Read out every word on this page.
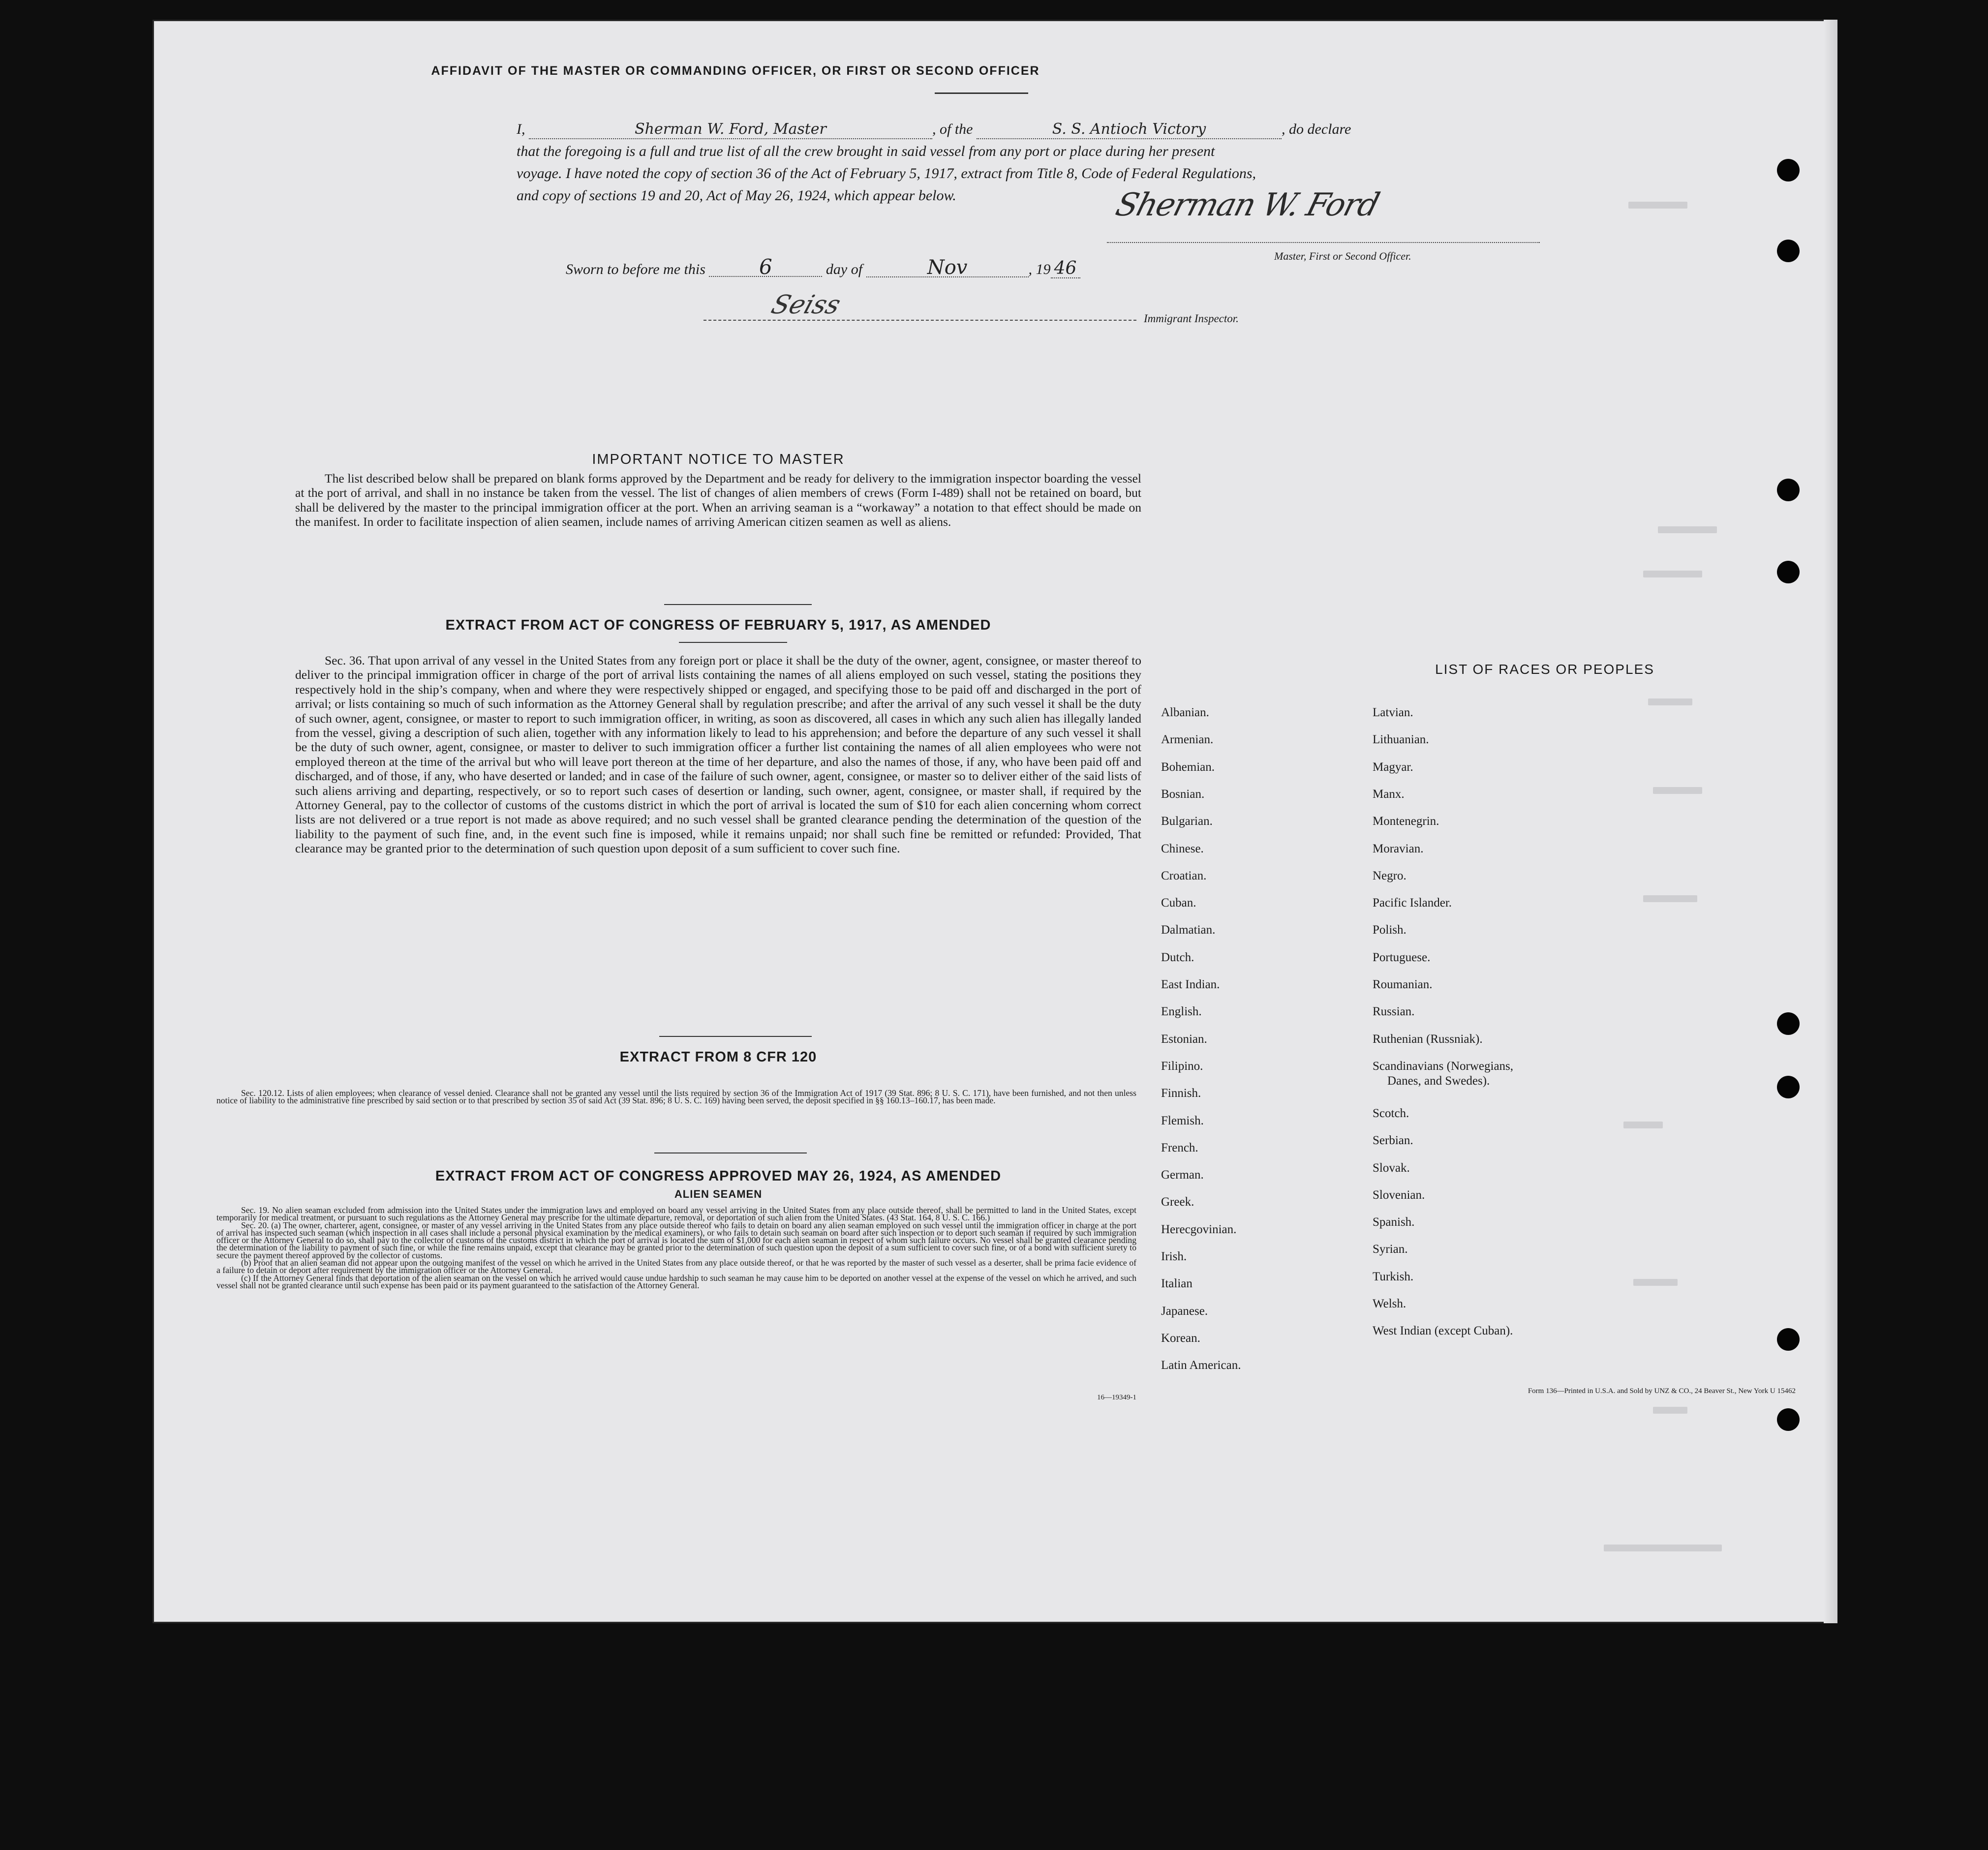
AFFIDAVIT OF THE MASTER OR COMMANDING OFFICER, OR FIRST OR SECOND OFFICER

I,	Sherman W. Ford, Master	, of the	S. S. Antioch Victory	, do declare

that the foregoing is a full and true list of all the crew brought in said vessel from any port or place during her present

voyage. I have noted the copy of section 36 of the Act of February 5, 1917, extract from Title 8, Code of Federal Regulations,

and copy of sections 19 and 20, Act of May 26, 1924, which appear below.	Sherman W. Ford
Master, First or Second Officer.
Sworn to before me this	6	day of	Nov	, 19 46
Seiss	Immigrant Inspector.
IMPORTANT NOTICE TO MASTER

The list described below shall be prepared on blank forms approved by the Department and be ready for delivery to the immigration inspector boarding the vessel at the port of arrival, and shall in no instance be taken from the vessel. The list of changes of alien members of crews (Form I-489) shall not be retained on board, but shall be delivered by the master to the principal immigration officer at the port. When an arriving seaman is a “workaway” a notation to that effect should be made on the manifest. In order to facilitate inspection of alien seamen, include names of arriving American citizen seamen as well as aliens.

EXTRACT FROM ACT OF CONGRESS OF FEBRUARY 5, 1917, AS AMENDED

Sec. 36. That upon arrival of any vessel in the United States from any foreign port or place it shall be the duty of the owner, agent, consignee, or master thereof to deliver to the principal immigration officer in charge of the port of arrival lists containing the names of all aliens employed on such vessel, stating the positions they respectively hold in the ship’s company, when and where they were respectively shipped or engaged, and specifying those to be paid off and discharged in the port of arrival; or lists containing so much of such information as the Attorney General shall by regulation prescribe; and after the arrival of any such vessel it shall be the duty of such owner, agent, consignee, or master to report to such immigration officer, in writing, as soon as discovered, all cases in which any such alien has illegally landed from the vessel, giving a description of such alien, together with any information likely to lead to his apprehension; and before the departure of any such vessel it shall be the duty of such owner, agent, consignee, or master to deliver to such immigration officer a further list containing the names of all alien employees who were not employed thereon at the time of the arrival but who will leave port thereon at the time of her departure, and also the names of those, if any, who have been paid off and discharged, and of those, if any, who have deserted or landed; and in case of the failure of such owner, agent, consignee, or master so to deliver either of the said lists of such aliens arriving and departing, respectively, or so to report such cases of desertion or landing, such owner, agent, consignee, or master shall, if required by the Attorney General, pay to the collector of customs of the customs district in which the port of arrival is located the sum of $10 for each alien concerning whom correct lists are not delivered or a true report is not made as above required; and no such vessel shall be granted clearance pending the determination of the question of the liability to the payment of such fine, and, in the event such fine is imposed, while it remains unpaid; nor shall such fine be remitted or refunded: Provided, That clearance may be granted prior to the determination of such question upon deposit of a sum sufficient to cover such fine.

EXTRACT FROM 8 CFR 120

Sec. 120.12. Lists of alien employees; when clearance of vessel denied. Clearance shall not be granted any vessel until the lists required by section 36 of the Immigration Act of 1917 (39 Stat. 896; 8 U. S. C. 171), have been furnished, and not then unless notice of liability to the administrative fine prescribed by said section or to that prescribed by section 35 of said Act (39 Stat. 896; 8 U. S. C. 169) having been served, the deposit specified in §§ 160.13–160.17, has been made.

EXTRACT FROM ACT OF CONGRESS APPROVED MAY 26, 1924, AS AMENDED
ALIEN SEAMEN

Sec. 19. No alien seaman excluded from admission into the United States under the immigration laws and employed on board any vessel arriving in the United States from any place outside thereof, shall be permitted to land in the United States, except temporarily for medical treatment, or pursuant to such regulations as the Attorney General may prescribe for the ultimate departure, removal, or deportation of such alien from the United States. (43 Stat. 164, 8 U. S. C. 166.)

Sec. 20. (a) The owner, charterer, agent, consignee, or master of any vessel arriving in the United States from any place outside thereof who fails to detain on board any alien seaman employed on such vessel until the immigration officer in charge at the port of arrival has inspected such seaman (which inspection in all cases shall include a personal physical examination by the medical examiners), or who fails to detain such seaman on board after such inspection or to deport such seaman if required by such immigration officer or the Attorney General to do so, shall pay to the collector of customs of the customs district in which the port of arrival is located the sum of $1,000 for each alien seaman in respect of whom such failure occurs. No vessel shall be granted clearance pending the determination of the liability to payment of such fine, or while the fine remains unpaid, except that clearance may be granted prior to the determination of such question upon the deposit of a sum sufficient to cover such fine, or of a bond with sufficient surety to secure the payment thereof approved by the collector of customs.

(b) Proof that an alien seaman did not appear upon the outgoing manifest of the vessel on which he arrived in the United States from any place outside thereof, or that he was reported by the master of such vessel as a deserter, shall be prima facie evidence of a failure to detain or deport after requirement by the immigration officer or the Attorney General.

(c) If the Attorney General finds that deportation of the alien seaman on the vessel on which he arrived would cause undue hardship to such seaman he may cause him to be deported on another vessel at the expense of the vessel on which he arrived, and such vessel shall not be granted clearance until such expense has been paid or its payment guaranteed to the satisfaction of the Attorney General.

16—19349-1
LIST OF RACES OR PEOPLES
Albanian.
Armenian.
Bohemian.
Bosnian.
Bulgarian.
Chinese.
Croatian.
Cuban.
Dalmatian.
Dutch.
East Indian.
English.
Estonian.
Filipino.
Finnish.
Flemish.
French.
German.
Greek.
Herecgovinian.
Irish.
Italian
Japanese.
Korean.
Latin American.
Latvian.
Lithuanian.
Magyar.
Manx.
Montenegrin.
Moravian.
Negro.
Pacific Islander.
Polish.
Portuguese.
Roumanian.
Russian.
Ruthenian (Russniak).
Scandinavians (Norwegians,
Danes, and Swedes).
Scotch.
Serbian.
Slovak.
Slovenian.
Spanish.
Syrian.
Turkish.
Welsh.
West Indian (except Cuban).
Form 136—Printed in U.S.A. and Sold by UNZ & CO., 24 Beaver St., New York U 15462
